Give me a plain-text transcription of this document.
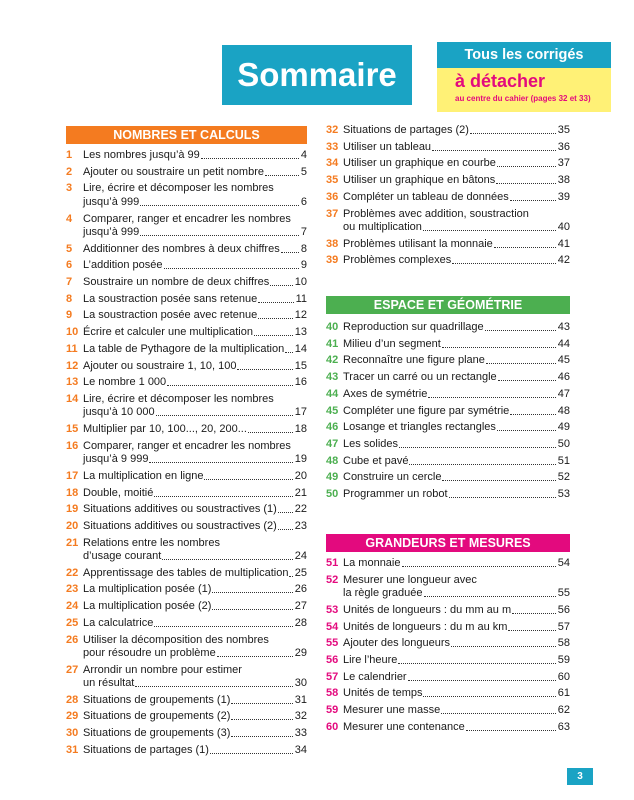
Sommaire
Tous les corrigés
à détacher
au centre du cahier (pages 32 et 33)
NOMBRES ET CALCULS
ESPACE ET GÉOMÉTRIE
GRANDEURS ET MESURES
1 Les nombres jusqu’à 99	4
2 Ajouter ou soustraire un petit nombre	5
3 Lire, écrire et décomposer les nombres
jusqu’à 999	6
4 Comparer, ranger et encadrer les nombres
jusqu’à 999	7
5 Additionner des nombres à deux chiffres 8
6 L’addition posée	9
7 Soustraire un nombre de deux chiffres 10
8 La soustraction posée sans retenue	11
9 La soustraction posée avec retenue	12
10 Écrire et calculer une multiplication	13
11 La table de Pythagore de la multiplication 14
12 Ajouter ou soustraire 1, 10, 100	15
13 Le nombre 1 000	16
14 Lire, écrire et décomposer les nombres
jusqu’à 10 000	17
15 Multiplier par 10, 100..., 20, 200...	18
16 Comparer, ranger et encadrer les nombres
jusqu’à 9 999	19
17 La multiplication en ligne	20
18 Double, moitié	21
19 Situations additives ou soustractives (1) 22
20 Situations additives ou soustractives (2) 23
21 Relations entre les nombres
d’usage courant	24
22 Apprentissage des tables de multiplication 25
23 La multiplication posée (1)	26
24 La multiplication posée (2)	27
25 La calculatrice	28
26 Utiliser la décomposition des nombres
pour résoudre un problème	29
27 Arrondir un nombre pour estimer
un résultat	30
28 Situations de groupements (1)	31
29 Situations de groupements (2)	32
30 Situations de groupements (3)	33
31 Situations de partages (1)	34
32 Situations de partages (2)	35
33 Utiliser un tableau	36
34 Utiliser un graphique en courbe	37
35 Utiliser un graphique en bâtons	38
36 Compléter un tableau de données	39
37 Problèmes avec addition, soustraction
ou multiplication	40
38 Problèmes utilisant la monnaie	41
39 Problèmes complexes	42
40 Reproduction sur quadrillage	43
41 Milieu d’un segment	44
42 Reconnaître une figure plane	45
43 Tracer un carré ou un rectangle	46
44 Axes de symétrie	47
45 Compléter une figure par symétrie	48
46 Losange et triangles rectangles	49
47 Les solides	50
48 Cube et pavé	51
49 Construire un cercle	52
50 Programmer un robot	53
51 La monnaie	54
52 Mesurer une longueur avec
la règle graduée	55
53 Unités de longueurs : du mm au m	56
54 Unités de longueurs : du m au km	57
55 Ajouter des longueurs	58
56 Lire l’heure	59
57 Le calendrier	60
58 Unités de temps	61
59 Mesurer une masse	62
60 Mesurer une contenance	63
3
